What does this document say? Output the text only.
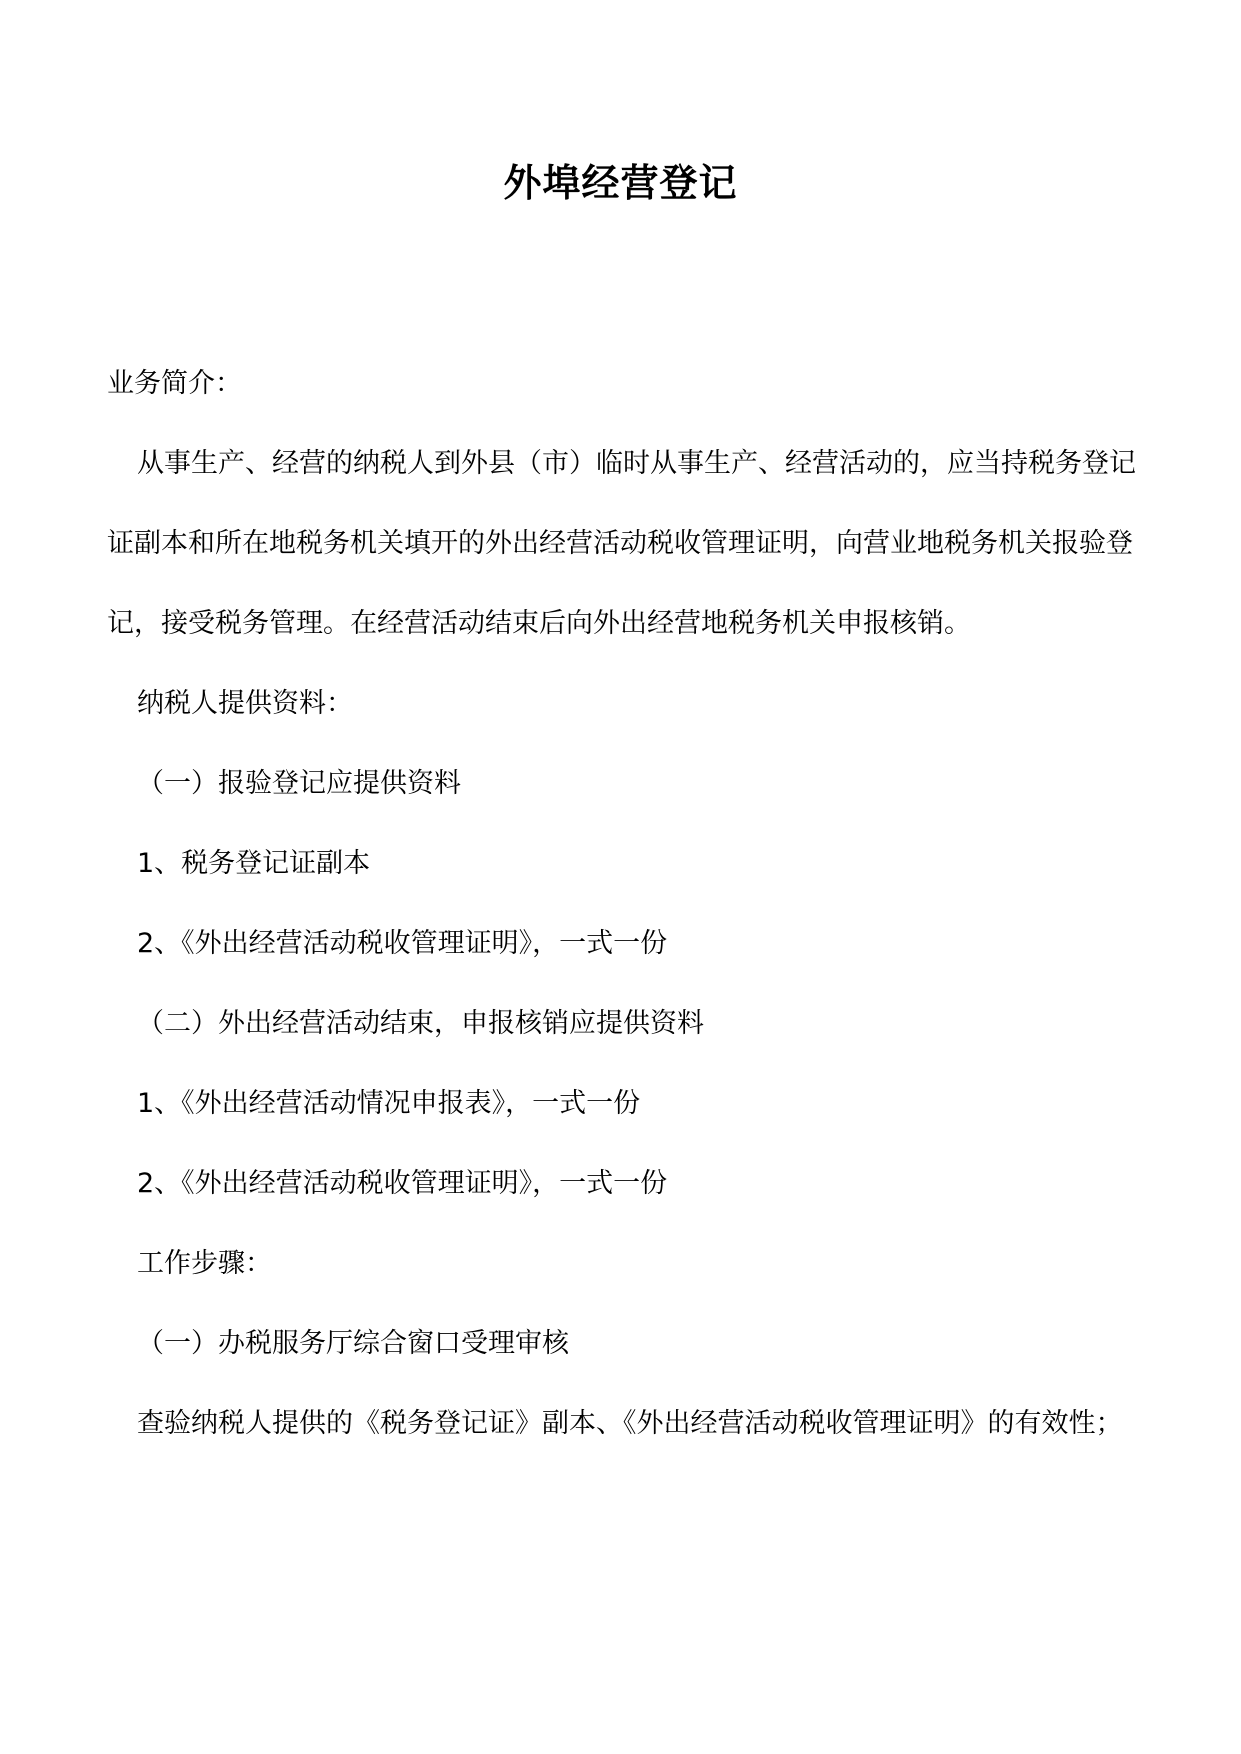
外埠经营登记

业务简介：

从事生产、经营的纳税人到外县（市）临时从事生产、经营活动的，应当持税务登记证副本和所在地税务机关填开的外出经营活动税收管理证明，向营业地税务机关报验登记，接受税务管理。在经营活动结束后向外出经营地税务机关申报核销。

纳税人提供资料：

（一）报验登记应提供资料

1、税务登记证副本

2、《外出经营活动税收管理证明》，一式一份

（二）外出经营活动结束，申报核销应提供资料

1、《外出经营活动情况申报表》，一式一份

2、《外出经营活动税收管理证明》，一式一份

工作步骤：

（一）办税服务厅综合窗口受理审核

查验纳税人提供的《税务登记证》副本、《外出经营活动税收管理证明》的有效性；
